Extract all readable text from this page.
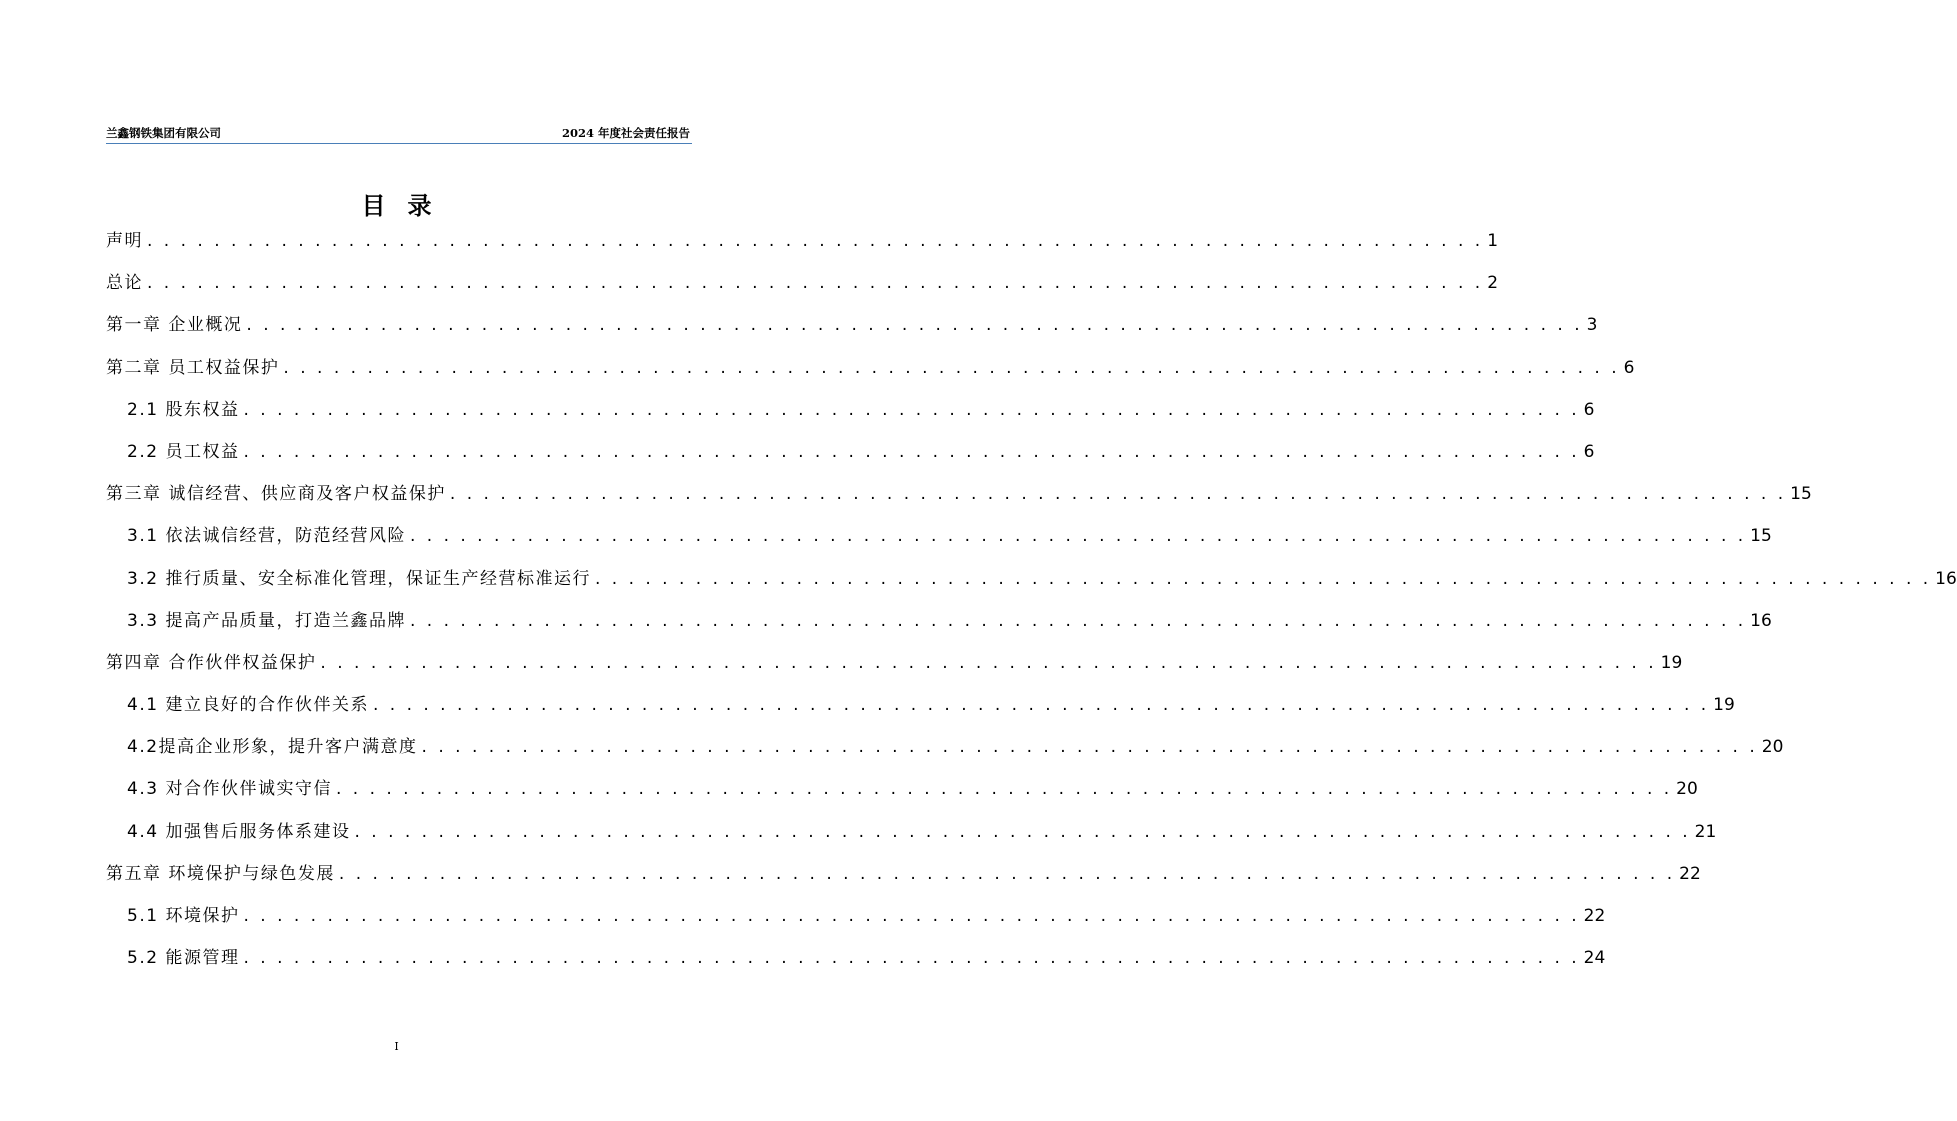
兰鑫钢铁集团有限公司	2024 年度社会责任报告
目录
声明 . . . . . . . . . . . . . . . . . . . . . . . . . . . . . . . . . . . . . . . . . . . . . . . . . . . . . . . . . . . . . . . . . . . . . . . . . . . . . . . . 1
总论 . . . . . . . . . . . . . . . . . . . . . . . . . . . . . . . . . . . . . . . . . . . . . . . . . . . . . . . . . . . . . . . . . . . . . . . . . . . . . . . . 2
第一章 企业概况 . . . . . . . . . . . . . . . . . . . . . . . . . . . . . . . . . . . . . . . . . . . . . . . . . . . . . . . . . . . . . . . . . . . . . . . . . . . . . . . . 3
第二章 员工权益保护 . . . . . . . . . . . . . . . . . . . . . . . . . . . . . . . . . . . . . . . . . . . . . . . . . . . . . . . . . . . . . . . . . . . . . . . . . . . . . . . . 6
2.1 股东权益 . . . . . . . . . . . . . . . . . . . . . . . . . . . . . . . . . . . . . . . . . . . . . . . . . . . . . . . . . . . . . . . . . . . . . . . . . . . . . . . . 6
2.2 员工权益 . . . . . . . . . . . . . . . . . . . . . . . . . . . . . . . . . . . . . . . . . . . . . . . . . . . . . . . . . . . . . . . . . . . . . . . . . . . . . . . . 6
第三章 诚信经营、供应商及客户权益保护 . . . . . . . . . . . . . . . . . . . . . . . . . . . . . . . . . . . . . . . . . . . . . . . . . . . . . . . . . . . . . . . . . . . . . . . . . . . . . . . . 15
3.1 依法诚信经营，防范经营风险 . . . . . . . . . . . . . . . . . . . . . . . . . . . . . . . . . . . . . . . . . . . . . . . . . . . . . . . . . . . . . . . . . . . . . . . . . . . . . . . . 15
3.2 推行质量、安全标准化管理，保证生产经营标准运行 . . . . . . . . . . . . . . . . . . . . . . . . . . . . . . . . . . . . . . . . . . . . . . . . . . . . . . . . . . . . . . . . . . . . . . . . . . . . . . . . 16
3.3 提高产品质量，打造兰鑫品牌 . . . . . . . . . . . . . . . . . . . . . . . . . . . . . . . . . . . . . . . . . . . . . . . . . . . . . . . . . . . . . . . . . . . . . . . . . . . . . . . . 16
第四章 合作伙伴权益保护 . . . . . . . . . . . . . . . . . . . . . . . . . . . . . . . . . . . . . . . . . . . . . . . . . . . . . . . . . . . . . . . . . . . . . . . . . . . . . . . . 19
4.1 建立良好的合作伙伴关系 . . . . . . . . . . . . . . . . . . . . . . . . . . . . . . . . . . . . . . . . . . . . . . . . . . . . . . . . . . . . . . . . . . . . . . . . . . . . . . . . 19
4.2提高企业形象，提升客户满意度 . . . . . . . . . . . . . . . . . . . . . . . . . . . . . . . . . . . . . . . . . . . . . . . . . . . . . . . . . . . . . . . . . . . . . . . . . . . . . . . . 20
4.3 对合作伙伴诚实守信 . . . . . . . . . . . . . . . . . . . . . . . . . . . . . . . . . . . . . . . . . . . . . . . . . . . . . . . . . . . . . . . . . . . . . . . . . . . . . . . . 20
4.4 加强售后服务体系建设 . . . . . . . . . . . . . . . . . . . . . . . . . . . . . . . . . . . . . . . . . . . . . . . . . . . . . . . . . . . . . . . . . . . . . . . . . . . . . . . . 21
第五章 环境保护与绿色发展 . . . . . . . . . . . . . . . . . . . . . . . . . . . . . . . . . . . . . . . . . . . . . . . . . . . . . . . . . . . . . . . . . . . . . . . . . . . . . . . . 22
5.1 环境保护 . . . . . . . . . . . . . . . . . . . . . . . . . . . . . . . . . . . . . . . . . . . . . . . . . . . . . . . . . . . . . . . . . . . . . . . . . . . . . . . . 22
5.2 能源管理 . . . . . . . . . . . . . . . . . . . . . . . . . . . . . . . . . . . . . . . . . . . . . . . . . . . . . . . . . . . . . . . . . . . . . . . . . . . . . . . . 24
I
